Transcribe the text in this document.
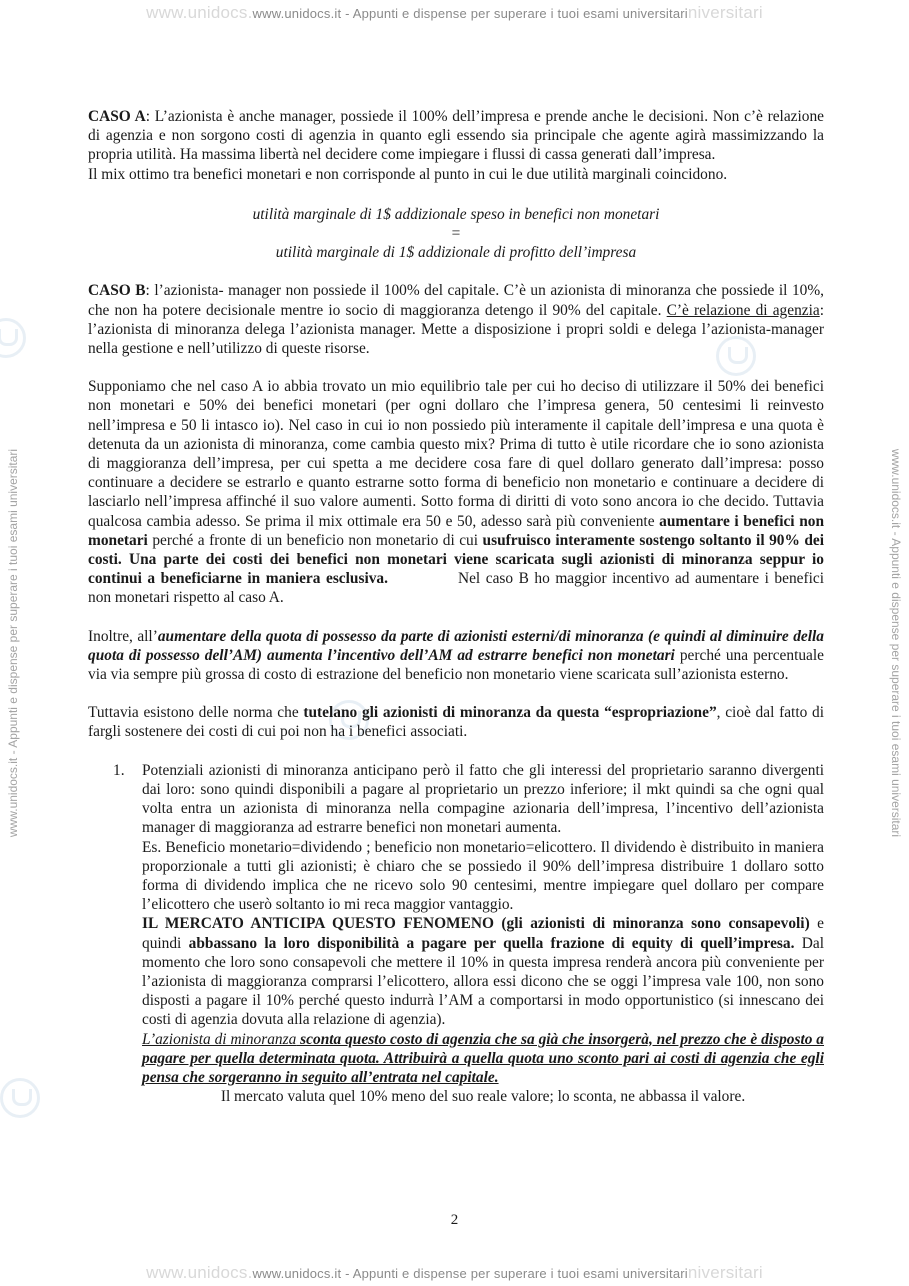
www.unidocs.www.unidocs.it - Appunti e dispense per superare i tuoi esami universitariniversitari
www.unidocs.it - Appunti e dispense per superare i tuoi esami universitari	www.unidocs.it - Appunti e dispense per superare i tuoi esami universitari

CASO A: L’azionista è anche manager, possiede il 100% dell’impresa e prende anche le decisioni. Non c’è relazione di agenzia e non sorgono costi di agenzia in quanto egli essendo sia principale che agente agirà massimizzando la propria utilità. Ha massima libertà nel decidere come impiegare i flussi di cassa generati dall’impresa.

Il mix ottimo tra benefici monetari e non corrisponde al punto in cui le due utilità marginali coincidono.

utilità marginale di 1$ addizionale speso in benefici non monetari

=

utilità marginale di 1$ addizionale di profitto dell’impresa

CASO B: l’azionista- manager non possiede il 100% del capitale. C’è un azionista di minoranza che possiede il 10%, che non ha potere decisionale mentre io socio di maggioranza detengo il 90% del capitale. C’è relazione di agenzia: l’azionista di minoranza delega l’azionista manager. Mette a disposizione i propri soldi e delega l’azionista-manager nella gestione e nell’utilizzo di queste risorse.

Supponiamo che nel caso A io abbia trovato un mio equilibrio tale per cui ho deciso di utilizzare il 50% dei benefici non monetari e 50% dei benefici monetari (per ogni dollaro che l’impresa genera, 50 centesimi li reinvesto nell’impresa e 50 li intasco io). Nel caso in cui io non possiedo più interamente il capitale dell’impresa e una quota è detenuta da un azionista di minoranza, come cambia questo mix? Prima di tutto è utile ricordare che io sono azionista di maggioranza dell’impresa, per cui spetta a me decidere cosa fare di quel dollaro generato dall’impresa: posso continuare a decidere se estrarlo e quanto estrarne sotto forma di beneficio non monetario e continuare a decidere di lasciarlo nell’impresa affinché il suo valore aumenti. Sotto forma di diritti di voto sono ancora io che decido. Tuttavia qualcosa cambia adesso. Se prima il mix ottimale era 50 e 50, adesso sarà più conveniente aumentare i benefici non monetari perché a fronte di un beneficio non monetario di cui usufruisco interamente sostengo soltanto il 90% dei costi. Una parte dei costi dei benefici non monetari viene scaricata sugli azionisti di minoranza seppur io continui a beneficiarne in maniera esclusiva.	Nel caso B ho maggior incentivo ad aumentare i benefici non monetari rispetto al caso A.

Inoltre, all’aumentare della quota di possesso da parte di azionisti esterni/di minoranza (e quindi al diminuire della quota di possesso dell’AM) aumenta l’incentivo dell’AM ad estrarre benefici non monetari perché una percentuale via via sempre più grossa di costo di estrazione del beneficio non monetario viene scaricata sull’azionista esterno.

Tuttavia esistono delle norma che tutelano gli azionisti di minoranza da questa “espropriazione”, cioè dal fatto di fargli sostenere dei costi di cui poi non ha i benefici associati.

1.	Potenziali azionisti di minoranza anticipano però il fatto che gli interessi del proprietario saranno divergenti dai loro: sono quindi disponibili a pagare al proprietario un prezzo inferiore; il mkt quindi sa che ogni qual volta entra un azionista di minoranza nella compagine azionaria dell’impresa, l’incentivo dell’azionista manager di maggioranza ad estrarre benefici non monetari aumenta.

Es. Beneficio monetario=dividendo ; beneficio non monetario=elicottero. Il dividendo è distribuito in maniera proporzionale a tutti gli azionisti; è chiaro che se possiedo il 90% dell’impresa distribuire 1 dollaro sotto forma di dividendo implica che ne ricevo solo 90 centesimi, mentre impiegare quel dollaro per compare l’elicottero che userò soltanto io mi reca maggior vantaggio.

IL MERCATO ANTICIPA QUESTO FENOMENO (gli azionisti di minoranza sono consapevoli) e quindi abbassano la loro disponibilità a pagare per quella frazione di equity di quell’impresa. Dal momento che loro sono consapevoli che mettere il 10% in questa impresa renderà ancora più conveniente per l’azionista di maggioranza comprarsi l’elicottero, allora essi dicono che se oggi l’impresa vale 100, non sono disposti a pagare il 10% perché questo indurrà l’AM a comportarsi in modo opportunistico (si innescano dei costi di agenzia dovuta alla relazione di agenzia).

L’azionista di minoranza sconta questo costo di agenzia che sa già che insorgerà, nel prezzo che è disposto a pagare per quella determinata quota. Attribuirà a quella quota uno sconto pari ai costi di agenzia che egli pensa che sorgeranno in seguito all’entrata nel capitale.

Il mercato valuta quel 10% meno del suo reale valore; lo sconta, ne abbassa il valore.

2
www.unidocs.www.unidocs.it - Appunti e dispense per superare i tuoi esami universitariniversitari
